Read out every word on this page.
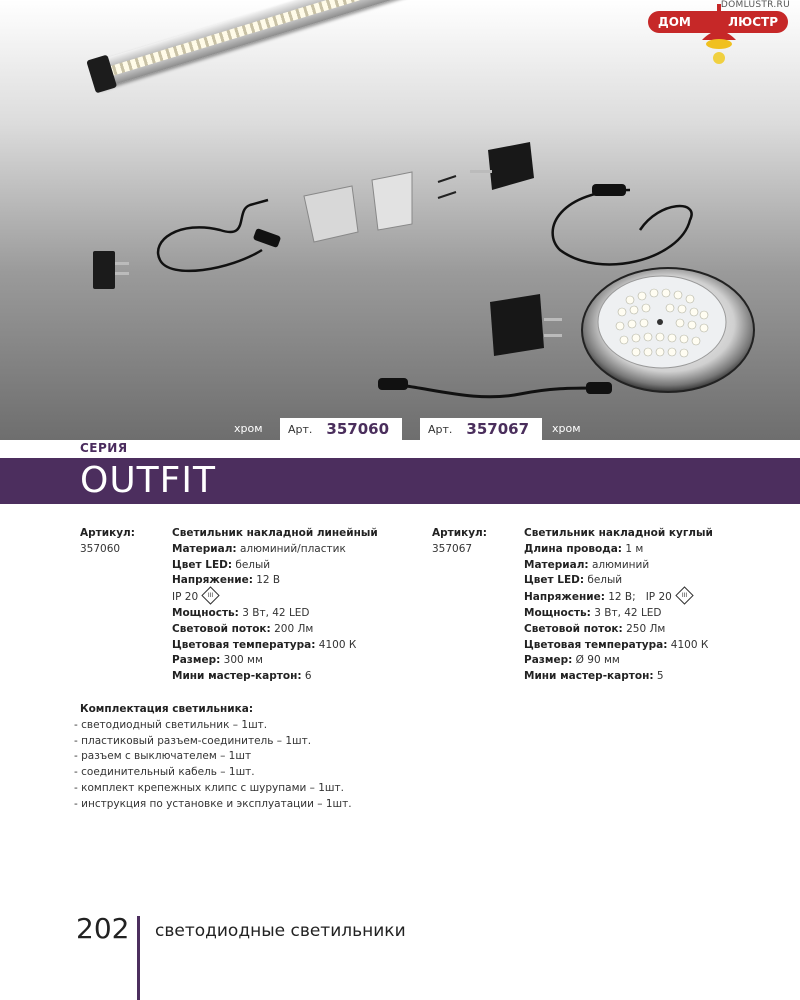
DOMLUSTR.RU
ДОМ	ЛЮСТР
хром Арт. 357060	Арт. 357067 хром
СЕРИЯ
OUTFIT
Артикул:
357060
Светильник накладной линейный
Материал: алюминий/пластик
Цвет LED: белый
Напряжение: 12 В
IP 20	III
Мощность: 3 Вт, 42 LED
Световой поток: 200 Лм
Цветовая температура: 4100 К
Размер: 300 мм
Мини мастер-картон: 6
Артикул:
357067
Светильник накладной куглый
Длина провода: 1 м
Материал: алюминий
Цвет LED: белый
Напряжение: 12 В; IP 20	III
Мощность: 3 Вт, 42 LED
Световой поток: 250 Лм
Цветовая температура: 4100 К
Размер: Ø 90 мм
Мини мастер-картон: 5
Комплектация светильника:
- светодиодный светильник – 1шт.
- пластиковый разъем-соединитель – 1шт.
- разъем с выключателем – 1шт
- соединительный кабель – 1шт.
- комплект крепежных клипс с шурупами – 1шт.
- инструкция по установке и эксплуатации – 1шт.
202 светодиодные светильники
